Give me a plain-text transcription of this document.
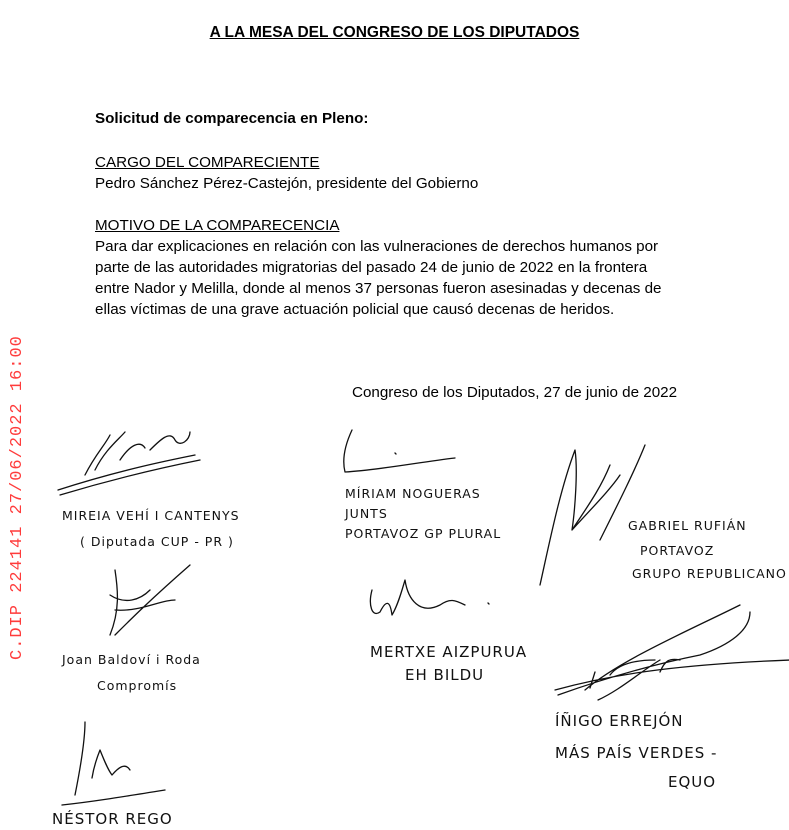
A LA MESA DEL CONGRESO DE LOS DIPUTADOS
Solicitud de comparecencia en Pleno:
CARGO DEL COMPARECIENTE
Pedro Sánchez Pérez-Castejón, presidente del Gobierno
MOTIVO DE LA COMPARECENCIA
Para dar explicaciones en relación con las vulneraciones de derechos humanos por
parte de las autoridades migratorias del pasado 24 de junio de 2022 en la frontera
entre Nador y Melilla, donde al menos 37 personas fueron asesinadas y decenas de
ellas víctimas de una grave actuación policial que causó decenas de heridos.
Congreso de los Diputados, 27 de junio de 2022
C.DIP 224141 27/06/2022 16:00	MIREIA VEHÍ I CANTENYS
( Diputada CUP - PR )
MÍRIAM NOGUERAS
JUNTS
PORTAVOZ GP PLURAL
GABRIEL RUFIÁN
PORTAVOZ
GRUPO REPUBLICANO
Joan Baldoví i Roda
Compromís
MERTXE AIZPURUA
EH BILDU
ÍÑIGO ERREJÓN
MÁS PAÍS VERDES -
EQUO
NÉSTOR REGO
